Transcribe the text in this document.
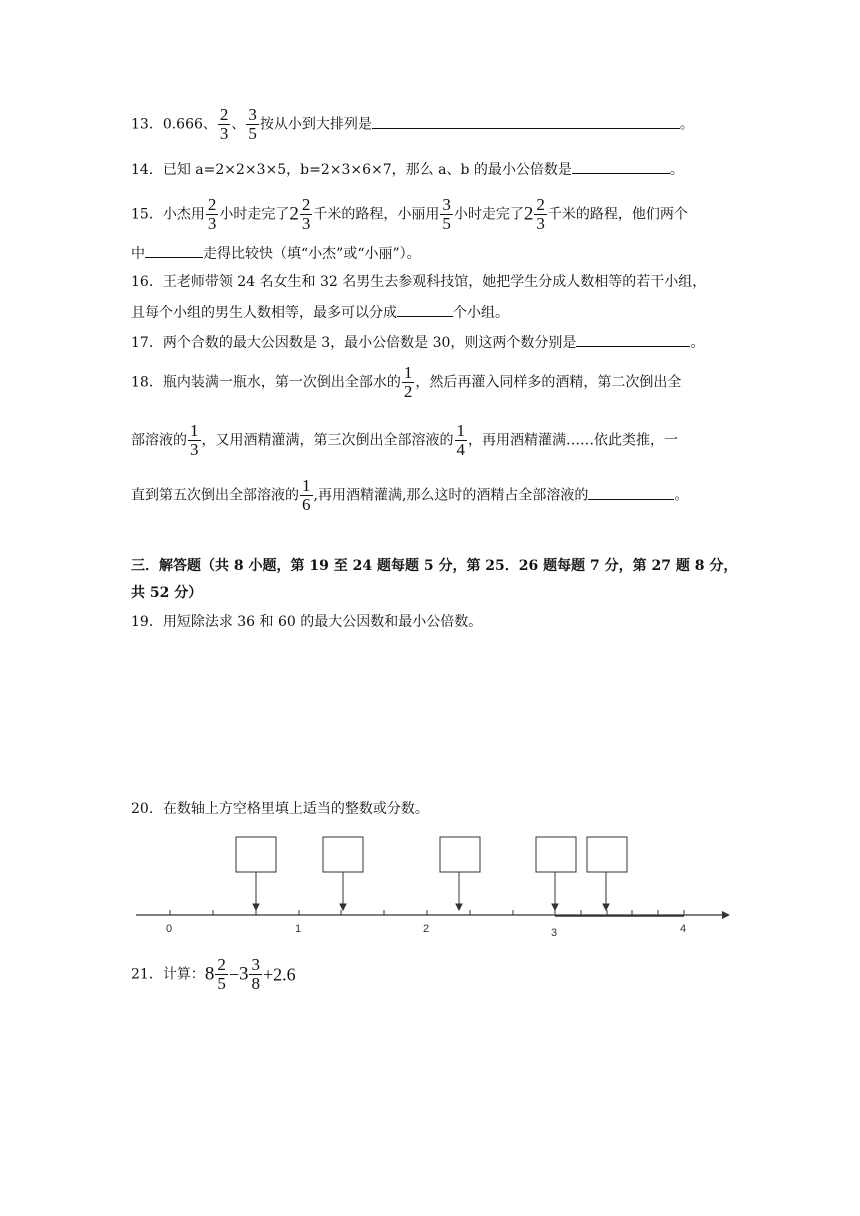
13．0.666、 $\frac{2}{3}$ 、 $\frac{3}{5}$ 按从小到大排列是	。
14．已知 a=2×2×3×5，b=2×3×6×7，那么 a、b 的最小公倍数是	。
15．小杰用 $\frac{2}{3}$ 小时走完了$2 \frac{2}{3}$ 千米的路程，小丽用 $\frac{3}{5}$ 小时走完了$2 \frac{2}{3}$ 千米的路程，他们两个
中	走得比较快（填“小杰”或“小丽”）。
16．王老师带领 24 名女生和 32 名男生去参观科技馆，她把学生分成人数相等的若干小组，
且每个小组的男生人数相等，最多可以分成	个小组。
17．两个合数的最大公因数是 3，最小公倍数是 30，则这两个数分别是	。
18．瓶内装满一瓶水，第一次倒出全部水的 $\frac{1}{2}$ ，然后再灌入同样多的酒精，第二次倒出全
部溶液的 $\frac{1}{3}$ ，又用酒精灌满，第三次倒出全部溶液的 $\frac{1}{4}$ ，再用酒精灌满……依此类推，一
直到第五次倒出全部溶液的 $\frac{1}{6}$ ,再用酒精灌满,那么这时的酒精占全部溶液的	。
三．解答题（共 8 小题，第 19 至 24 题每题 5 分，第 25．26 题每题 7 分，第 27 题 8 分，
共 52 分）
19．用短除法求 36 和 60 的最大公因数和最小公倍数。
20．在数轴上方空格里填上适当的整数或分数。
0	1	2	3	4
21．计算：$8 \frac{2}{5} -3 \frac{3}{8} +2.6$
